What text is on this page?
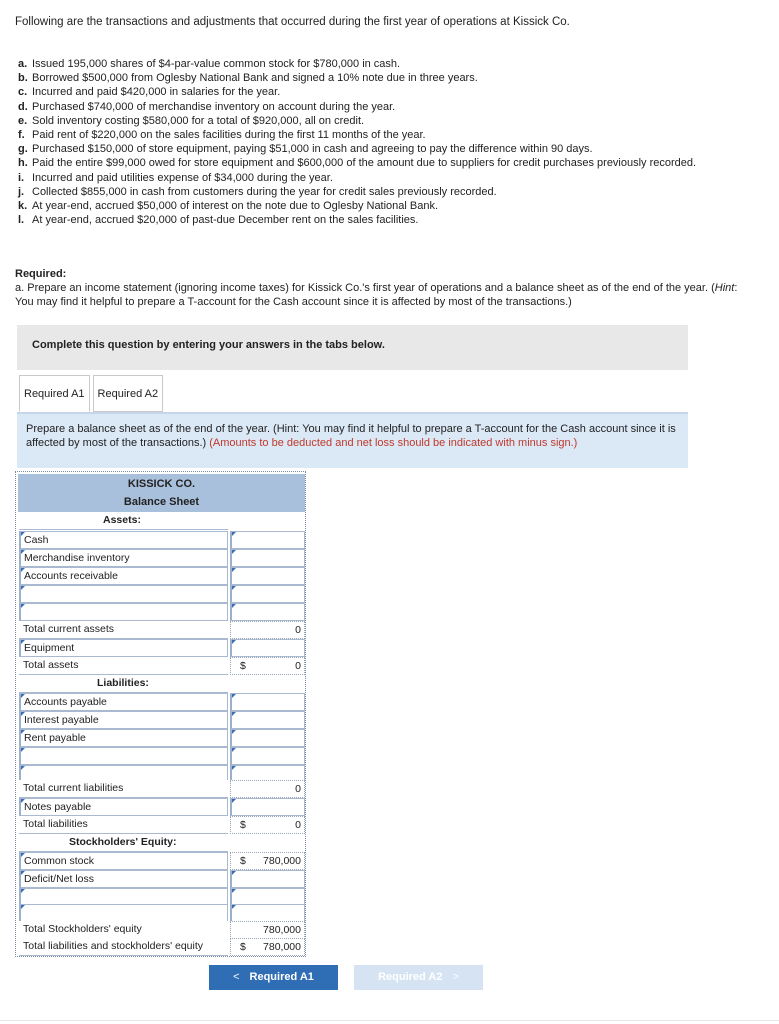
Following are the transactions and adjustments that occurred during the first year of operations at Kissick Co.
a. Issued 195,000 shares of $4-par-value common stock for $780,000 in cash.
b. Borrowed $500,000 from Oglesby National Bank and signed a 10% note due in three years.
c. Incurred and paid $420,000 in salaries for the year.
d. Purchased $740,000 of merchandise inventory on account during the year.
e. Sold inventory costing $580,000 for a total of $920,000, all on credit.
f. Paid rent of $220,000 on the sales facilities during the first 11 months of the year.
g. Purchased $150,000 of store equipment, paying $51,000 in cash and agreeing to pay the difference within 90 days.
h. Paid the entire $99,000 owed for store equipment and $600,000 of the amount due to suppliers for credit purchases previously recorded.
i. Incurred and paid utilities expense of $34,000 during the year.
j. Collected $855,000 in cash from customers during the year for credit sales previously recorded.
k. At year-end, accrued $50,000 of interest on the note due to Oglesby National Bank.
l. At year-end, accrued $20,000 of past-due December rent on the sales facilities.
Required:
a. Prepare an income statement (ignoring income taxes) for Kissick Co.'s first year of operations and a balance sheet as of the end of the year. (Hint: You may find it helpful to prepare a T-account for the Cash account since it is affected by most of the transactions.)
Complete this question by entering your answers in the tabs below.
Required A1	Required A2
Prepare a balance sheet as of the end of the year. (Hint: You may find it helpful to prepare a T-account for the Cash account since it is affected by most of the transactions.) (Amounts to be deducted and net loss should be indicated with minus sign.)
KISSICK CO.
Balance Sheet
Assets:
Cash
Merchandise inventory
Accounts receivable
Total current assets	0
Equipment
Total assets	$	0
Liabilities:
Accounts payable
Interest payable
Rent payable
Total current liabilities	0
Notes payable
Total liabilities	$	0
Stockholders' Equity:
Common stock	$ 780,000
Deficit/Net loss
Total Stockholders' equity	780,000
Total liabilities and stockholders' equity	$ 780,000
< Required A1	Required A2 >
